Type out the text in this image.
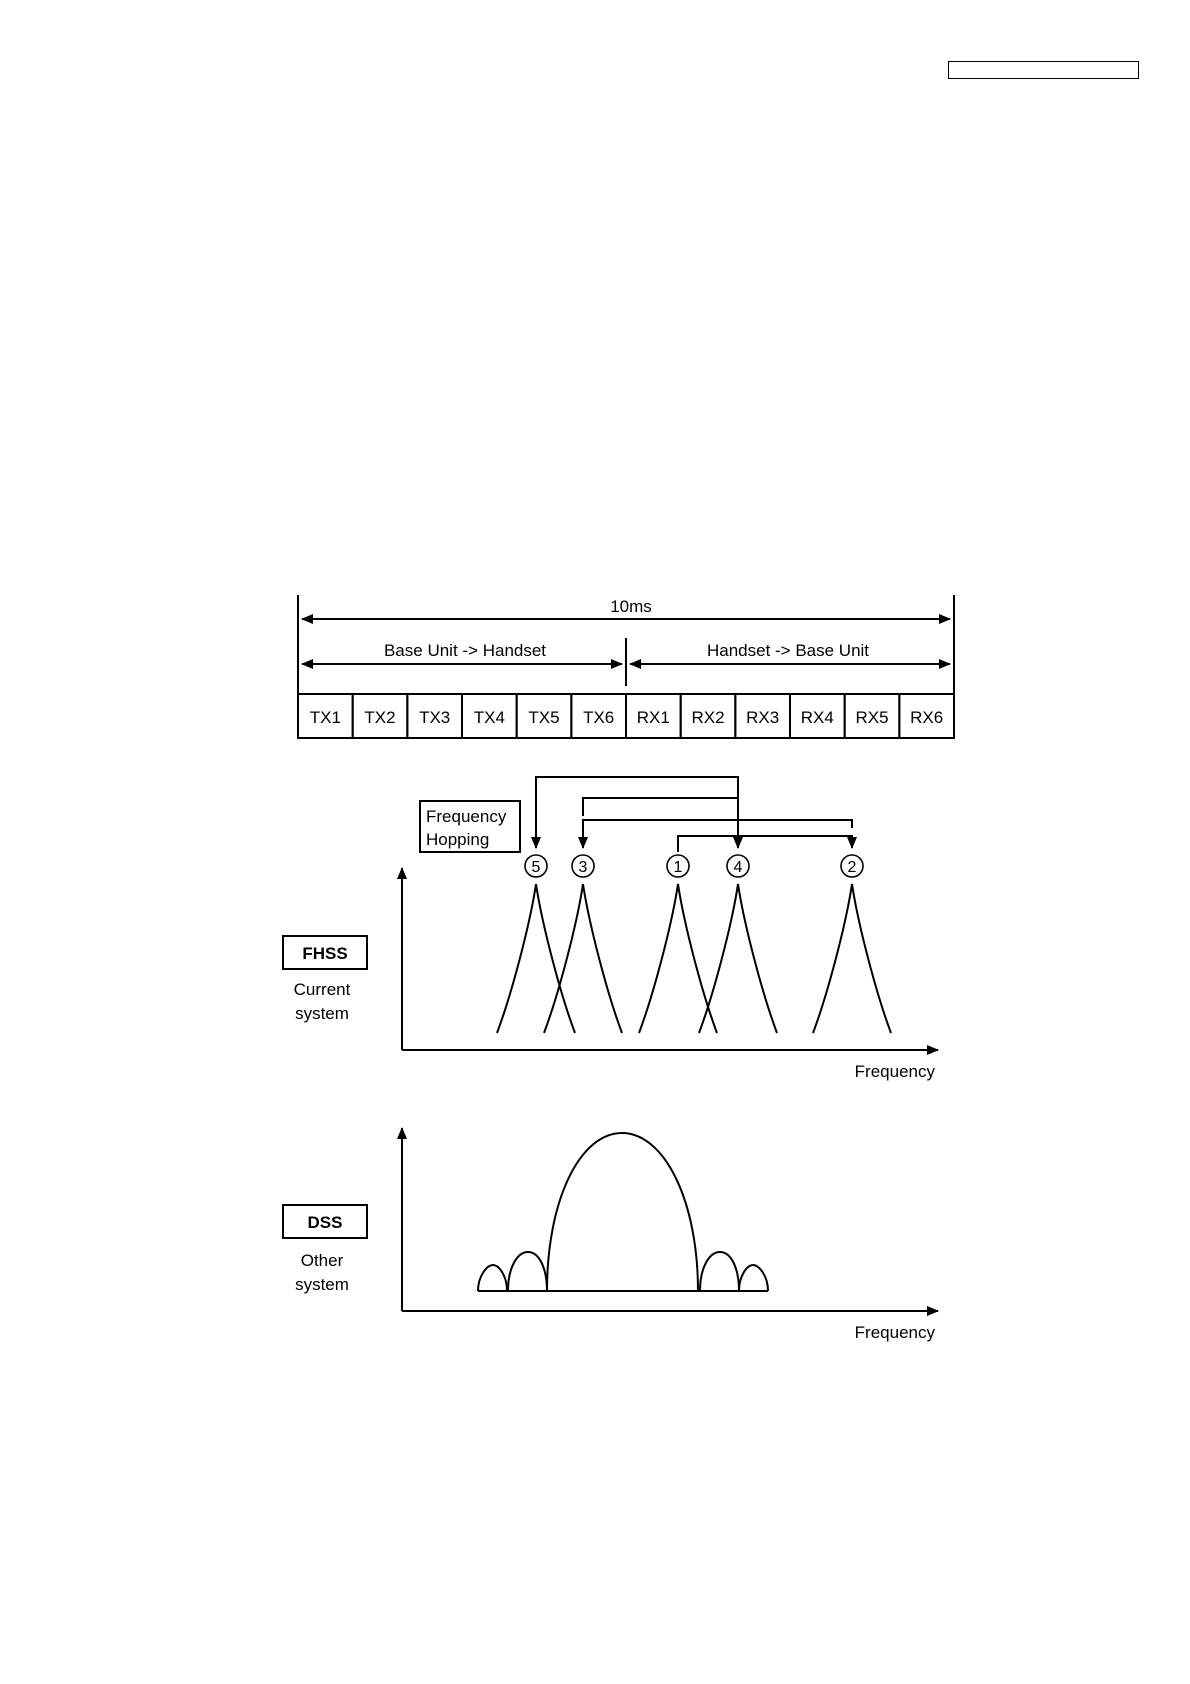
10ms
Base Unit -> Handset	Handset -> Base Unit
TX1 TX2 TX3 TX4 TX5 TX6 RX1 RX2 RX3 RX4 RX5 RX6
Frequency
Hopping
5 3	1	4	2
Frequency
FHSS
Current
system
Frequency
DSS
Other
system
